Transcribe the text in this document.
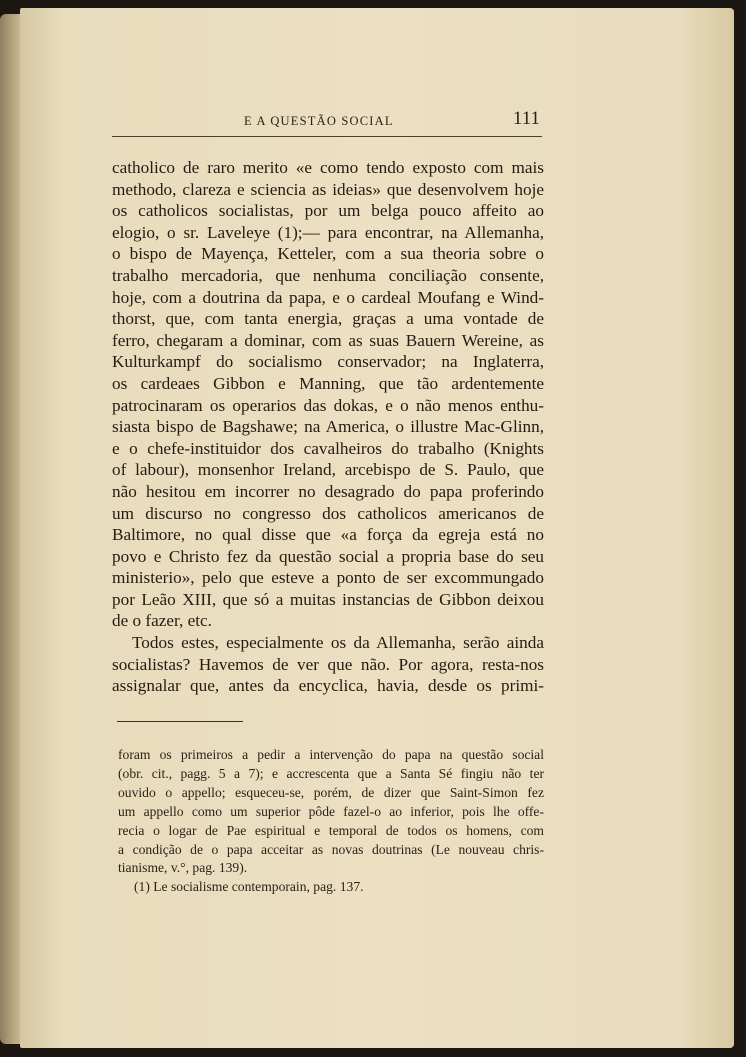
E A QUESTÃO SOCIAL	111
catholico de raro merito «e como tendo exposto com mais
methodo, clareza e sciencia as ideias» que desenvolvem hoje
os catholicos socialistas, por um belga pouco affeito ao
elogio, o sr. Laveleye (1);— para encontrar, na Allemanha,
o bispo de Mayença, Ketteler, com a sua theoria sobre o
trabalho mercadoria, que nenhuma conciliação consente,
hoje, com a doutrina da papa, e o cardeal Moufang e Wind-
thorst, que, com tanta energia, graças a uma vontade de
ferro, chegaram a dominar, com as suas Bauern Wereine, as
Kulturkampf do socialismo conservador; na Inglaterra,
os cardeaes Gibbon e Manning, que tão ardentemente
patrocinaram os operarios das dokas, e o não menos enthu-
siasta bispo de Bagshawe; na America, o illustre Mac-Glinn,
e o chefe-instituidor dos cavalheiros do trabalho (Knights
of labour), monsenhor Ireland, arcebispo de S. Paulo, que
não hesitou em incorrer no desagrado do papa proferindo
um discurso no congresso dos catholicos americanos de
Baltimore, no qual disse que «a força da egreja está no
povo e Christo fez da questão social a propria base do seu
ministerio», pelo que esteve a ponto de ser excommungado
por Leão XIII, que só a muitas instancias de Gibbon deixou
de o fazer, etc.
Todos estes, especialmente os da Allemanha, serão ainda
socialistas? Havemos de ver que não. Por agora, resta-nos
assignalar que, antes da encyclica, havia, desde os primi-
foram os primeiros a pedir a intervenção do papa na questão social
(obr. cit., pagg. 5 a 7); e accrescenta que a Santa Sé fingiu não ter
ouvido o appello; esqueceu-se, porém, de dizer que Saint-Simon fez
um appello como um superior pôde fazel-o ao inferior, pois lhe offe-
recia o logar de Pae espiritual e temporal de todos os homens, com
a condição de o papa acceitar as novas doutrinas (Le nouveau chris-
tianisme, v.°, pag. 139).
(1) Le socialisme contemporain, pag. 137.
